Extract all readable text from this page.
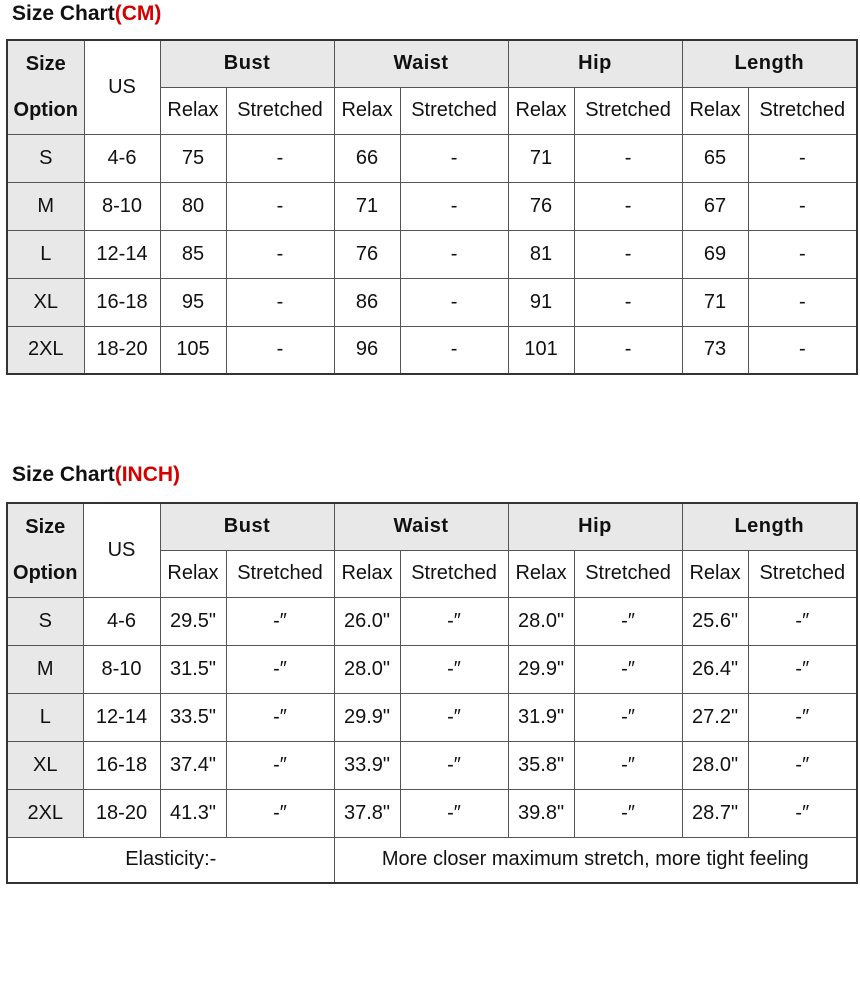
Size Chart(CM)
Size
Option	US	Bust		Waist		Hip		Length	
		Relax	Stretched	Relax	Stretched	Relax	Stretched	Relax	Stretched
S	4-6	75	-	66	-	71	-	65	-
M	8-10	80	-	71	-	76	-	67	-
L	12-14	85	-	76	-	81	-	69	-
XL	16-18	95	-	86	-	91	-	71	-
2XL	18-20	105	-	96	-	101	-	73	-
Size Chart(INCH)
Size
Option	US	Bust		Waist		Hip		Length	
		Relax	Stretched	Relax	Stretched	Relax	Stretched	Relax	Stretched
S	4-6	29.5"	-″	26.0"	-″	28.0"	-″	25.6"	-″
M	8-10	31.5"	-″	28.0"	-″	29.9"	-″	26.4"	-″
L	12-14	33.5"	-″	29.9"	-″	31.9"	-″	27.2"	-″
XL	16-18	37.4"	-″	33.9"	-″	35.8"	-″	28.0"	-″
2XL	18-20	41.3"	-″	37.8"	-″	39.8"	-″	28.7"	-″
Elasticity:-				More closer maximum stretch, more tight feeling					
